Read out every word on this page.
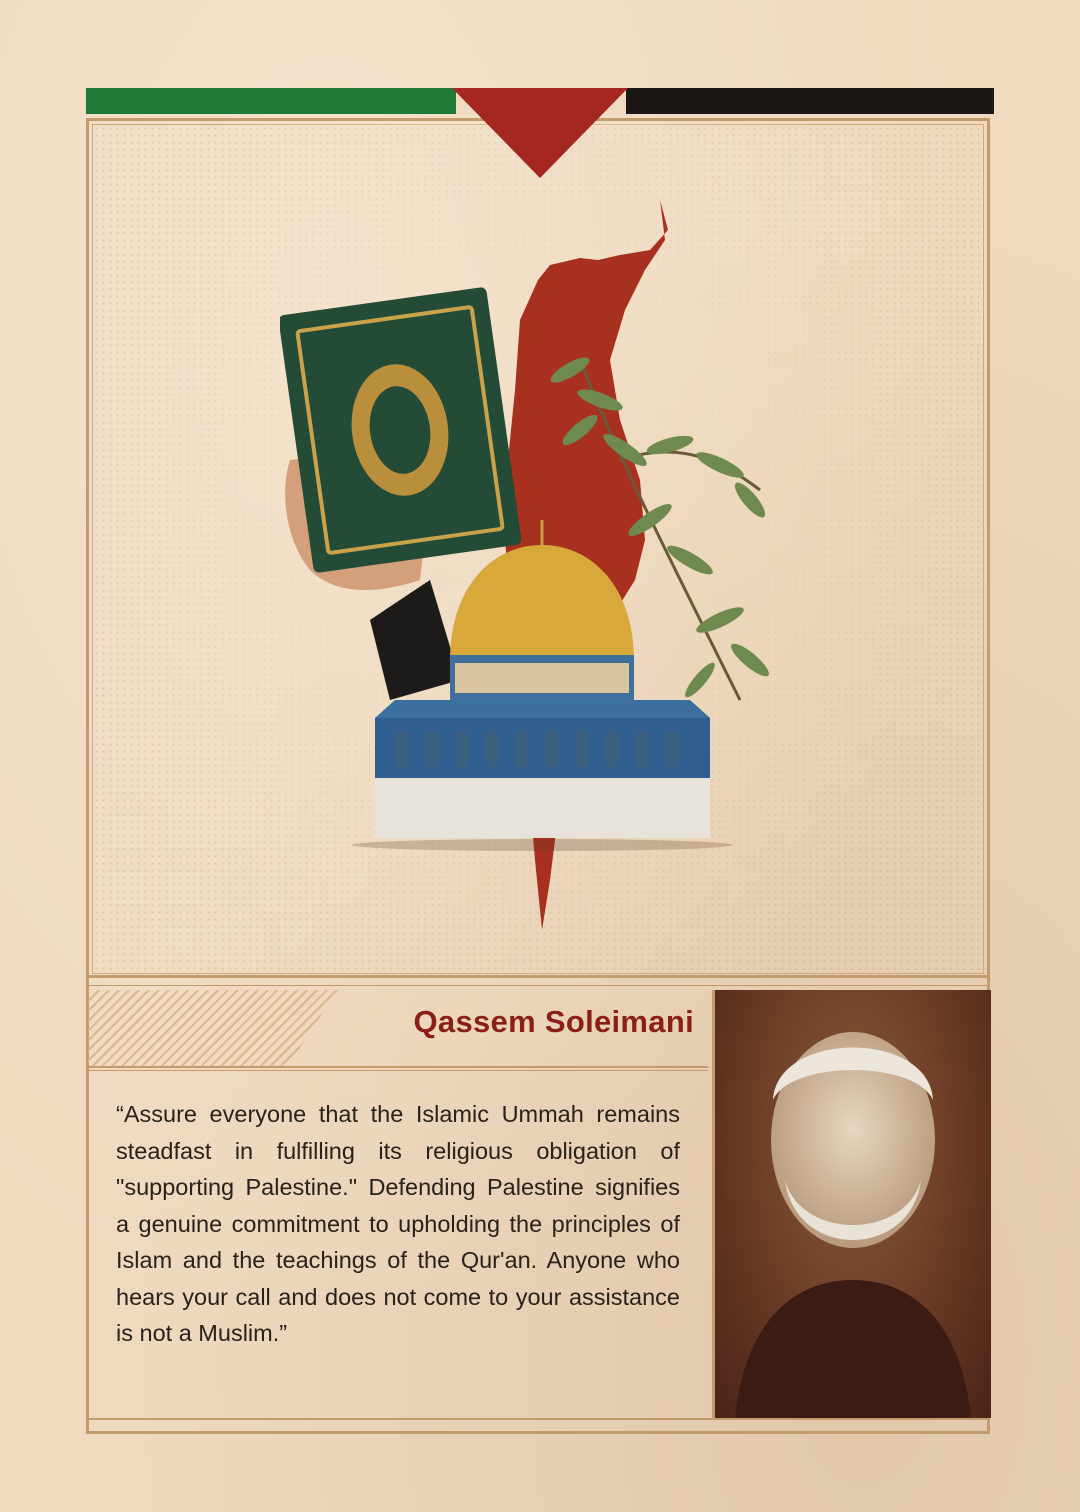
Qassem Soleimani
“Assure everyone that the Islamic Ummah remains steadfast in fulfilling its religious obligation of "supporting Palestine." Defending Palestine signifies a genuine commitment to upholding the principles of Islam and the teachings of the Qur'an. Anyone who hears your call and does not come to your assistance is not a Muslim.”
